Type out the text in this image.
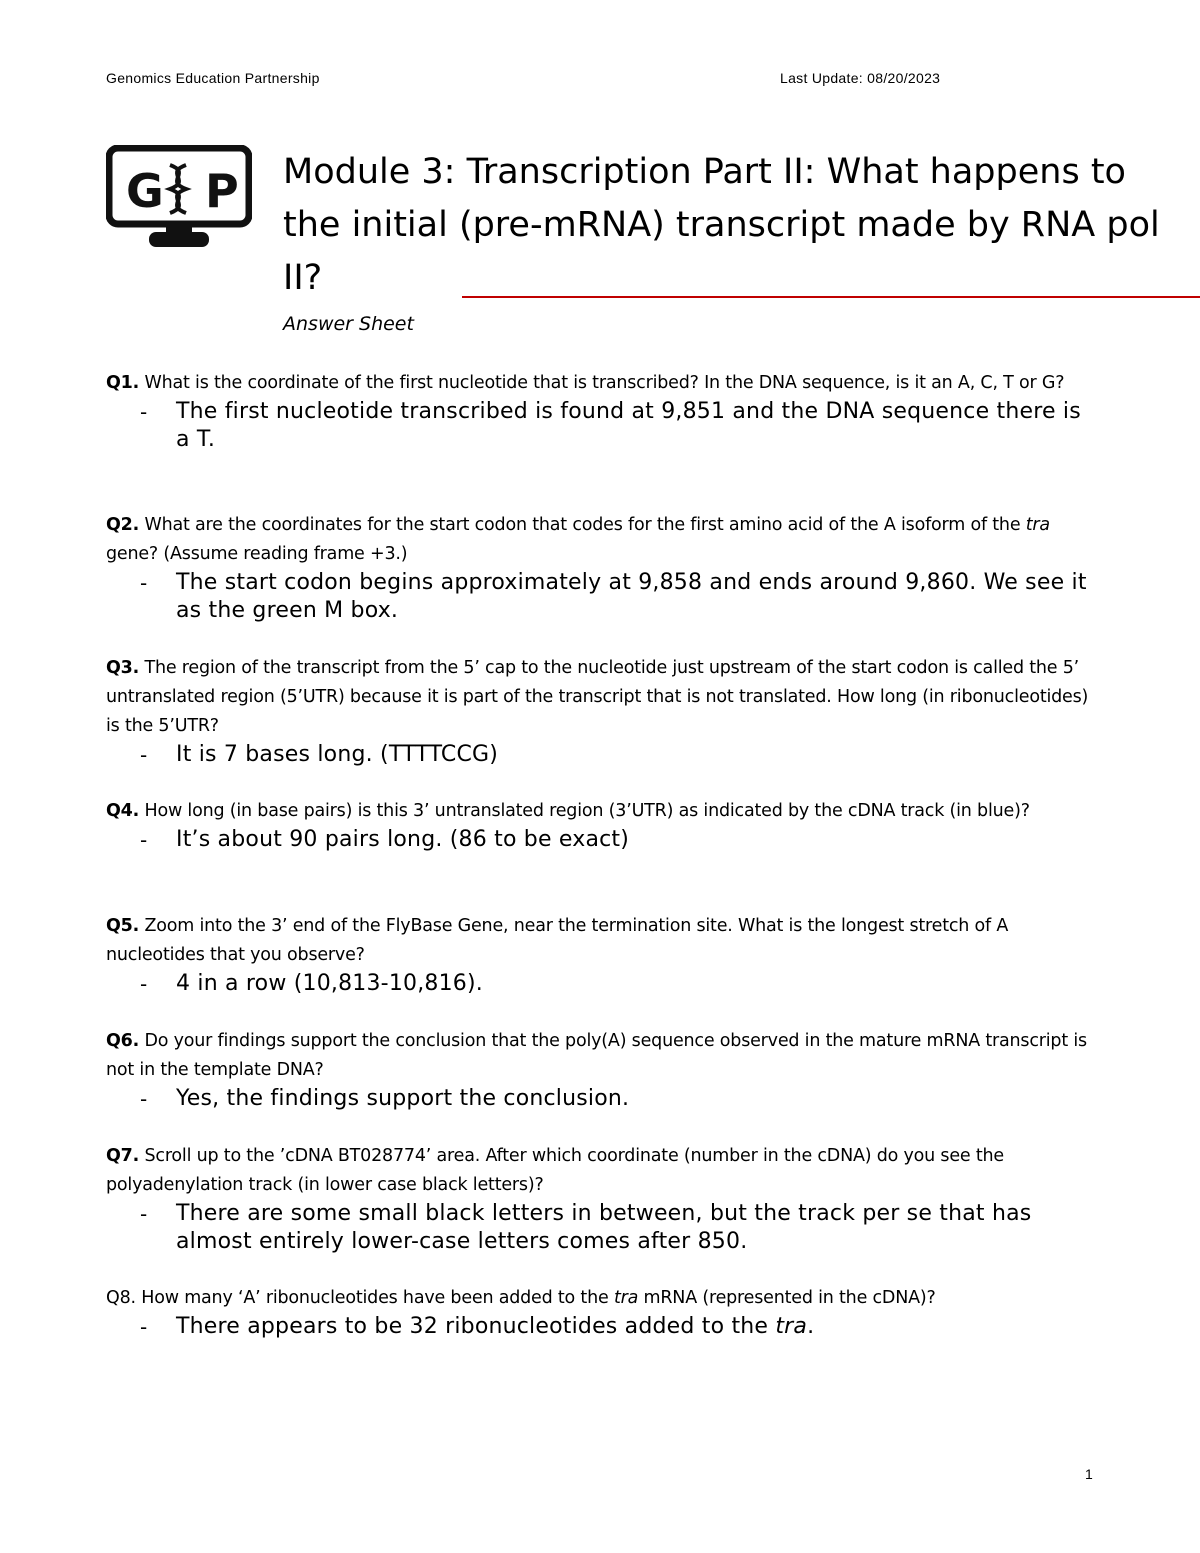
Genomics Education Partnership	Last Update: 08/20/2023
G P Module 3: Transcription Part II: What happens to the initial (pre-mRNA) transcript made by RNA pol II?

Answer Sheet

Q1. What is the coordinate of the first nucleotide that is transcribed? In the DNA sequence, is it an A, C, T or G?

- The first nucleotide transcribed is found at 9,851 and the DNA sequence there is a T.

Q2. What are the coordinates for the start codon that codes for the first amino acid of the A isoform of the tra gene? (Assume reading frame +3.)

- The start codon begins approximately at 9,858 and ends around 9,860. We see it as the green M box.

Q3. The region of the transcript from the 5’ cap to the nucleotide just upstream of the start codon is called the 5’ untranslated region (5’UTR) because it is part of the transcript that is not translated. How long (in ribonucleotides) is the 5’UTR?

- It is 7 bases long. (TTTTCCG)

Q4. How long (in base pairs) is this 3’ untranslated region (3’UTR) as indicated by the cDNA track (in blue)?

- It’s about 90 pairs long. (86 to be exact)

Q5. Zoom into the 3’ end of the FlyBase Gene, near the termination site. What is the longest stretch of A nucleotides that you observe?

- 4 in a row (10,813-10,816).

Q6. Do your findings support the conclusion that the poly(A) sequence observed in the mature mRNA transcript is not in the template DNA?

- Yes, the findings support the conclusion.

Q7. Scroll up to the ’cDNA BT028774’ area. After which coordinate (number in the cDNA) do you see the polyadenylation track (in lower case black letters)?

- There are some small black letters in between, but the track per se that has almost entirely lower-case letters comes after 850.

Q8. How many ‘A’ ribonucleotides have been added to the tra mRNA (represented in the cDNA)?

- There appears to be 32 ribonucleotides added to the tra.

1
